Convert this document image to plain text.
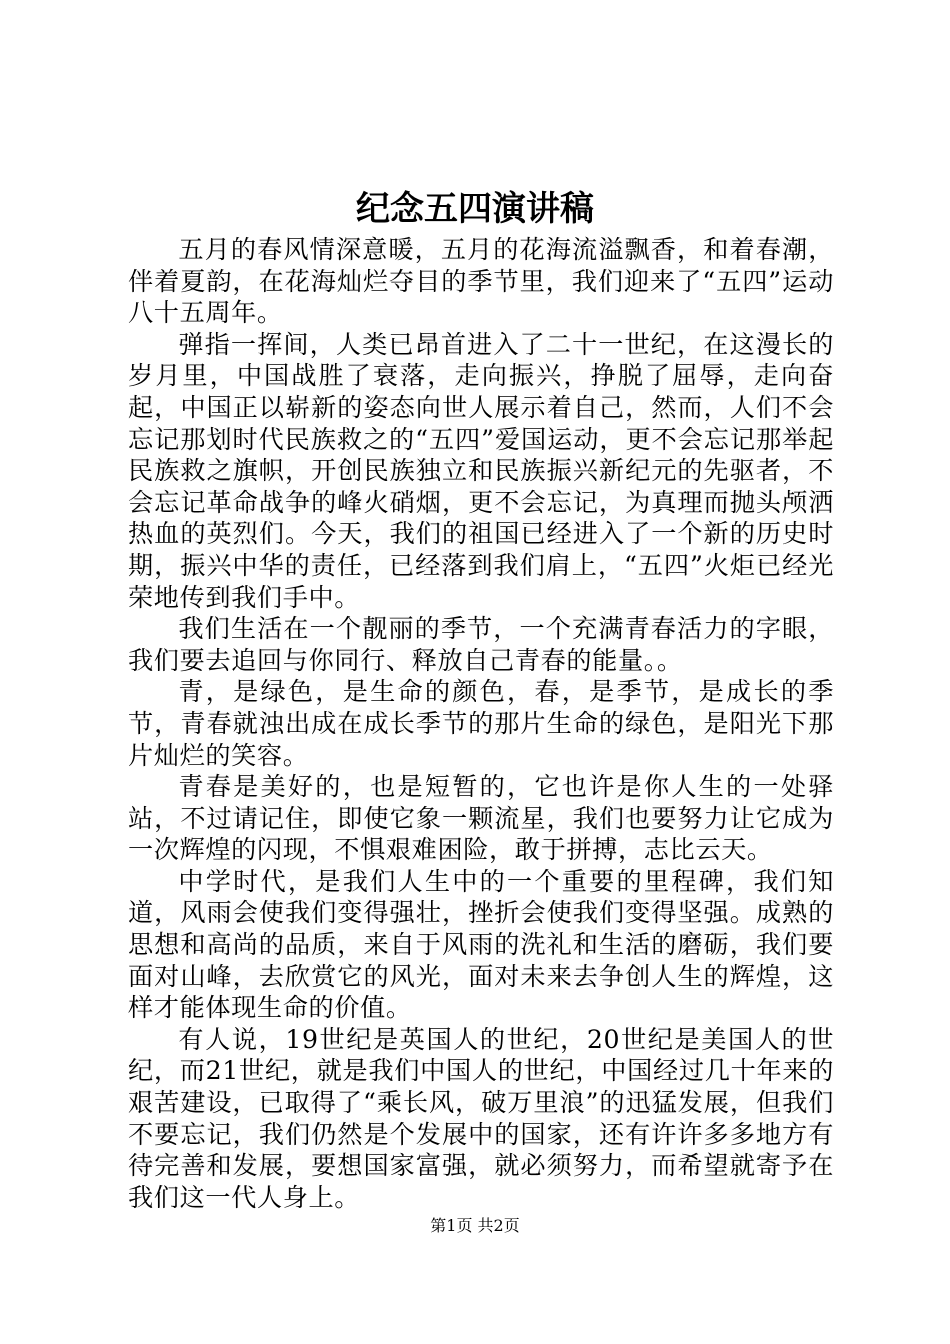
纪念五四演讲稿

五月的春风情深意暖，五月的花海流溢飘香，和着春潮，伴着夏韵，在花海灿烂夺目的季节里，我们迎来了“五四”运动八十五周年。

弹指一挥间，人类已昂首进入了二十一世纪，在这漫长的岁月里，中国战胜了衰落，走向振兴，挣脱了屈辱，走向奋起，中国正以崭新的姿态向世人展示着自己，然而，人们不会忘记那划时代民族救之的“五四”爱国运动，更不会忘记那举起民族救之旗帜，开创民族独立和民族振兴新纪元的先驱者，不会忘记革命战争的峰火硝烟，更不会忘记，为真理而抛头颅洒热血的英烈们。今天，我们的祖国已经进入了一个新的历史时期，振兴中华的责任，已经落到我们肩上，“五四”火炬已经光荣地传到我们手中。

我们生活在一个靓丽的季节，一个充满青春活力的字眼，我们要去追回与你同行、释放自己青春的能量。。

青，是绿色，是生命的颜色，春，是季节，是成长的季节，青春就浊出成在成长季节的那片生命的绿色，是阳光下那片灿烂的笑容。

青春是美好的，也是短暂的，它也许是你人生的一处驿站，不过请记住，即使它象一颗流星，我们也要努力让它成为一次辉煌的闪现，不惧艰难困险，敢于拼搏，志比云天。

中学时代，是我们人生中的一个重要的里程碑，我们知道，风雨会使我们变得强壮，挫折会使我们变得坚强。成熟的思想和高尚的品质，来自于风雨的洗礼和生活的磨砺，我们要面对山峰，去欣赏它的风光，面对未来去争创人生的辉煌，这样才能体现生命的价值。

有人说，19世纪是英国人的世纪，20世纪是美国人的世纪，而21世纪，就是我们中国人的世纪，中国经过几十年来的艰苦建设，已取得了“乘长风，破万里浪”的迅猛发展，但我们不要忘记，我们仍然是个发展中的国家，还有许许多多地方有待完善和发展，要想国家富强，就必须努力，而希望就寄予在我们这一代人身上。

第1页 共2页
